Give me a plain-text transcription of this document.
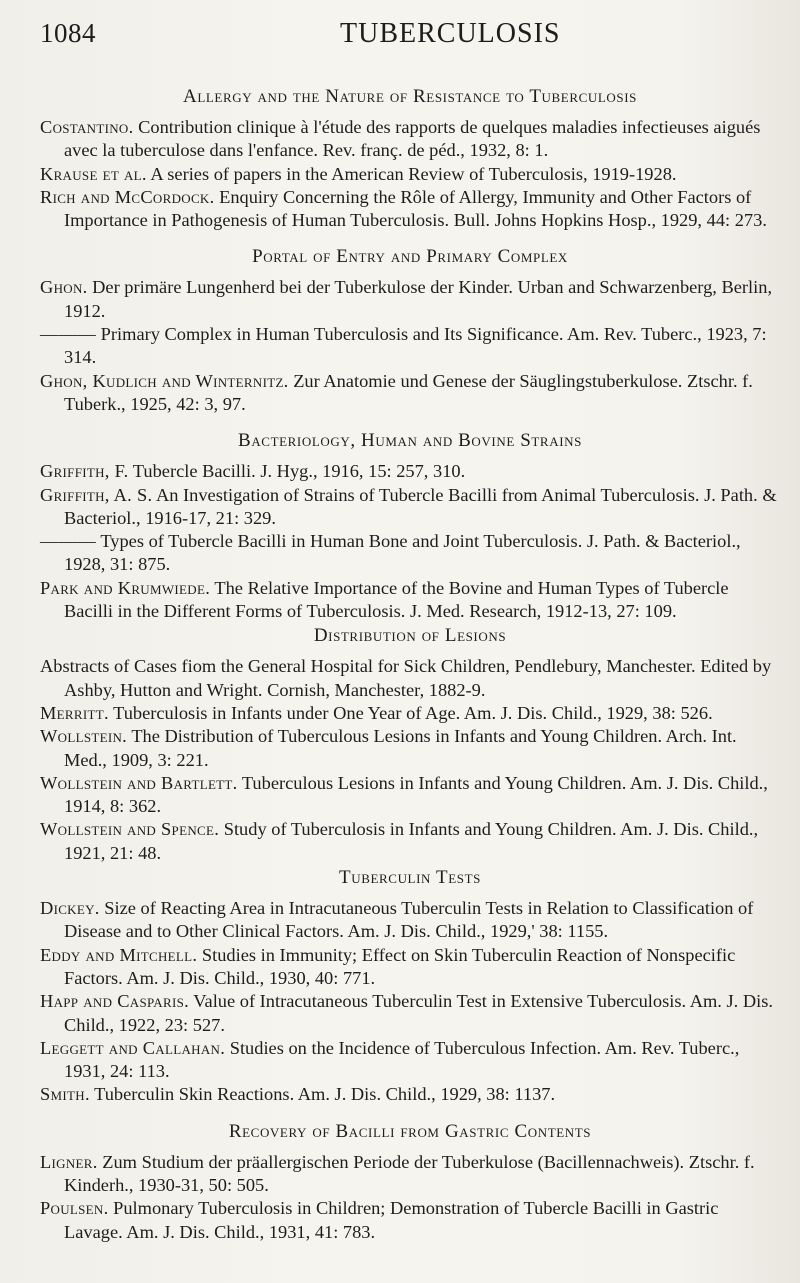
1084	TUBERCULOSIS
Allergy and the Nature of Resistance to Tuberculosis

Costantino. Contribution clinique à l'étude des rapports de quelques maladies infectieuses aigués avec la tuberculose dans l'enfance. Rev. franç. de péd., 1932, 8: 1.

Krause et al. A series of papers in the American Review of Tuberculosis, 1919-1928.

Rich and McCordock. Enquiry Concerning the Rôle of Allergy, Immunity and Other Factors of Importance in Pathogenesis of Human Tuberculosis. Bull. Johns Hopkins Hosp., 1929, 44: 273.

Portal of Entry and Primary Complex

Ghon. Der primäre Lungenherd bei der Tuberkulose der Kinder. Urban and Schwarzenberg, Berlin, 1912.

——— Primary Complex in Human Tuberculosis and Its Significance. Am. Rev. Tuberc., 1923, 7: 314.

Ghon, Kudlich and Winternitz. Zur Anatomie und Genese der Säuglingstuberkulose. Ztschr. f. Tuberk., 1925, 42: 3, 97.

Bacteriology, Human and Bovine Strains

Griffith, F. Tubercle Bacilli. J. Hyg., 1916, 15: 257, 310.

Griffith, A. S. An Investigation of Strains of Tubercle Bacilli from Animal Tuberculosis. J. Path. & Bacteriol., 1916-17, 21: 329.

——— Types of Tubercle Bacilli in Human Bone and Joint Tuberculosis. J. Path. & Bacteriol., 1928, 31: 875.

Park and Krumwiede. The Relative Importance of the Bovine and Human Types of Tubercle Bacilli in the Different Forms of Tuberculosis. J. Med. Research, 1912-13, 27: 109.

Distribution of Lesions

Abstracts of Cases fiom the General Hospital for Sick Children, Pendlebury, Manchester. Edited by Ashby, Hutton and Wright. Cornish, Manchester, 1882-9.

Merritt. Tuberculosis in Infants under One Year of Age. Am. J. Dis. Child., 1929, 38: 526.

Wollstein. The Distribution of Tuberculous Lesions in Infants and Young Children. Arch. Int. Med., 1909, 3: 221.

Wollstein and Bartlett. Tuberculous Lesions in Infants and Young Children. Am. J. Dis. Child., 1914, 8: 362.

Wollstein and Spence. Study of Tuberculosis in Infants and Young Children. Am. J. Dis. Child., 1921, 21: 48.

Tuberculin Tests

Dickey. Size of Reacting Area in Intracutaneous Tuberculin Tests in Relation to Classification of Disease and to Other Clinical Factors. Am. J. Dis. Child., 1929,' 38: 1155.

Eddy and Mitchell. Studies in Immunity; Effect on Skin Tuberculin Reaction of Nonspecific Factors. Am. J. Dis. Child., 1930, 40: 771.

Happ and Casparis. Value of Intracutaneous Tuberculin Test in Extensive Tuberculosis. Am. J. Dis. Child., 1922, 23: 527.

Leggett and Callahan. Studies on the Incidence of Tuberculous Infection. Am. Rev. Tuberc., 1931, 24: 113.

Smith. Tuberculin Skin Reactions. Am. J. Dis. Child., 1929, 38: 1137.

Recovery of Bacilli from Gastric Contents

Ligner. Zum Studium der präallergischen Periode der Tuberkulose (Bacillennachweis). Ztschr. f. Kinderh., 1930-31, 50: 505.

Poulsen. Pulmonary Tuberculosis in Children; Demonstration of Tubercle Bacilli in Gastric Lavage. Am. J. Dis. Child., 1931, 41: 783.
